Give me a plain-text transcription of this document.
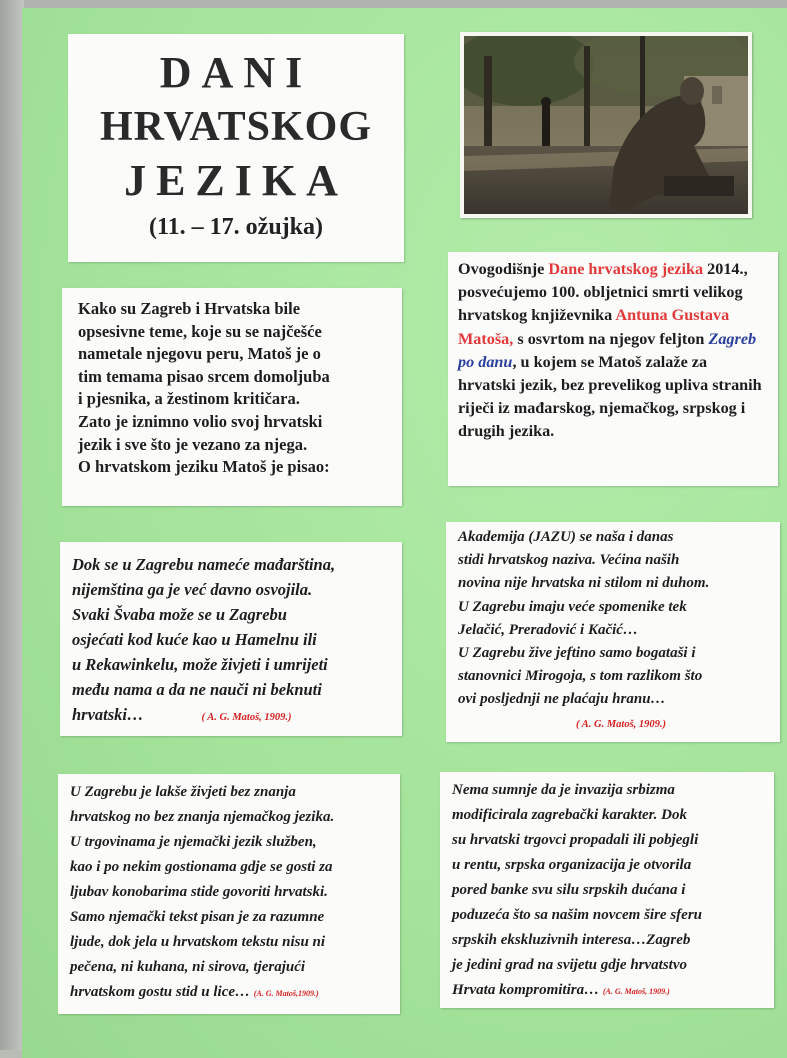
DANI
HRVATSKOG
JEZIKA
(11. – 17. ožujka)
Kako su Zagreb i Hrvatska bile
opsesivne teme, koje su se najčešće
nametale njegovu peru, Matoš je o
tim temama pisao srcem domoljuba
i pjesnika, a žestinom kritičara.
Zato je iznimno volio svoj hrvatski
jezik i sve što je vezano za njega.
O hrvatskom jeziku Matoš je pisao:
Ovogodišnje Dane hrvatskog jezika 2014., posvećujemo 100. obljetnici smrti velikog hrvatskog književnika Antuna Gustava Matoša, s osvrtom na njegov feljton Zagreb po danu, u kojem se Matoš zalaže za hrvatski jezik, bez prevelikog upliva stranih riječi iz mađarskog, njemačkog, srpskog i drugih jezika.
Dok se u Zagrebu nameće mađarština,
nijemština ga je već davno osvojila.
Svaki Švaba može se u Zagrebu
osjećati kod kuće kao u Hamelnu ili
u Rekawinkelu, može živjeti i umrijeti
među nama a da ne nauči ni beknuti
hrvatski…	( A. G. Matoš, 1909.)
Akademija (JAZU) se naša i danas
stidi hrvatskog naziva. Većina naših
novina nije hrvatska ni stilom ni duhom.
U Zagrebu imaju veće spomenike tek
Jelačić, Preradović i Kačić…
U Zagrebu žive jeftino samo bogataši i
stanovnici Mirogoja, s tom razlikom što
ovi posljednji ne plaćaju hranu…
( A. G. Matoš, 1909.)
U Zagrebu je lakše živjeti bez znanja
hrvatskog no bez znanja njemačkog jezika.
U trgovinama je njemački jezik služben,
kao i po nekim gostionama gdje se gosti za
ljubav konobarima stide govoriti hrvatski.
Samo njemački tekst pisan je za razumne
ljude, dok jela u hrvatskom tekstu nisu ni
pečena, ni kuhana, ni sirova, tjerajući
hrvatskom gostu stid u lice… (A. G. Matoš,1909.)
Nema sumnje da je invazija srbizma
modificirala zagrebački karakter. Dok
su hrvatski trgovci propadali ili pobjegli
u rentu, srpska organizacija je otvorila
pored banke svu silu srpskih dućana i
poduzeća što sa našim novcem šire sferu
srpskih ekskluzivnih interesa…Zagreb
je jedini grad na svijetu gdje hrvatstvo
Hrvata kompromitira… (A. G. Matoš, 1909.)
